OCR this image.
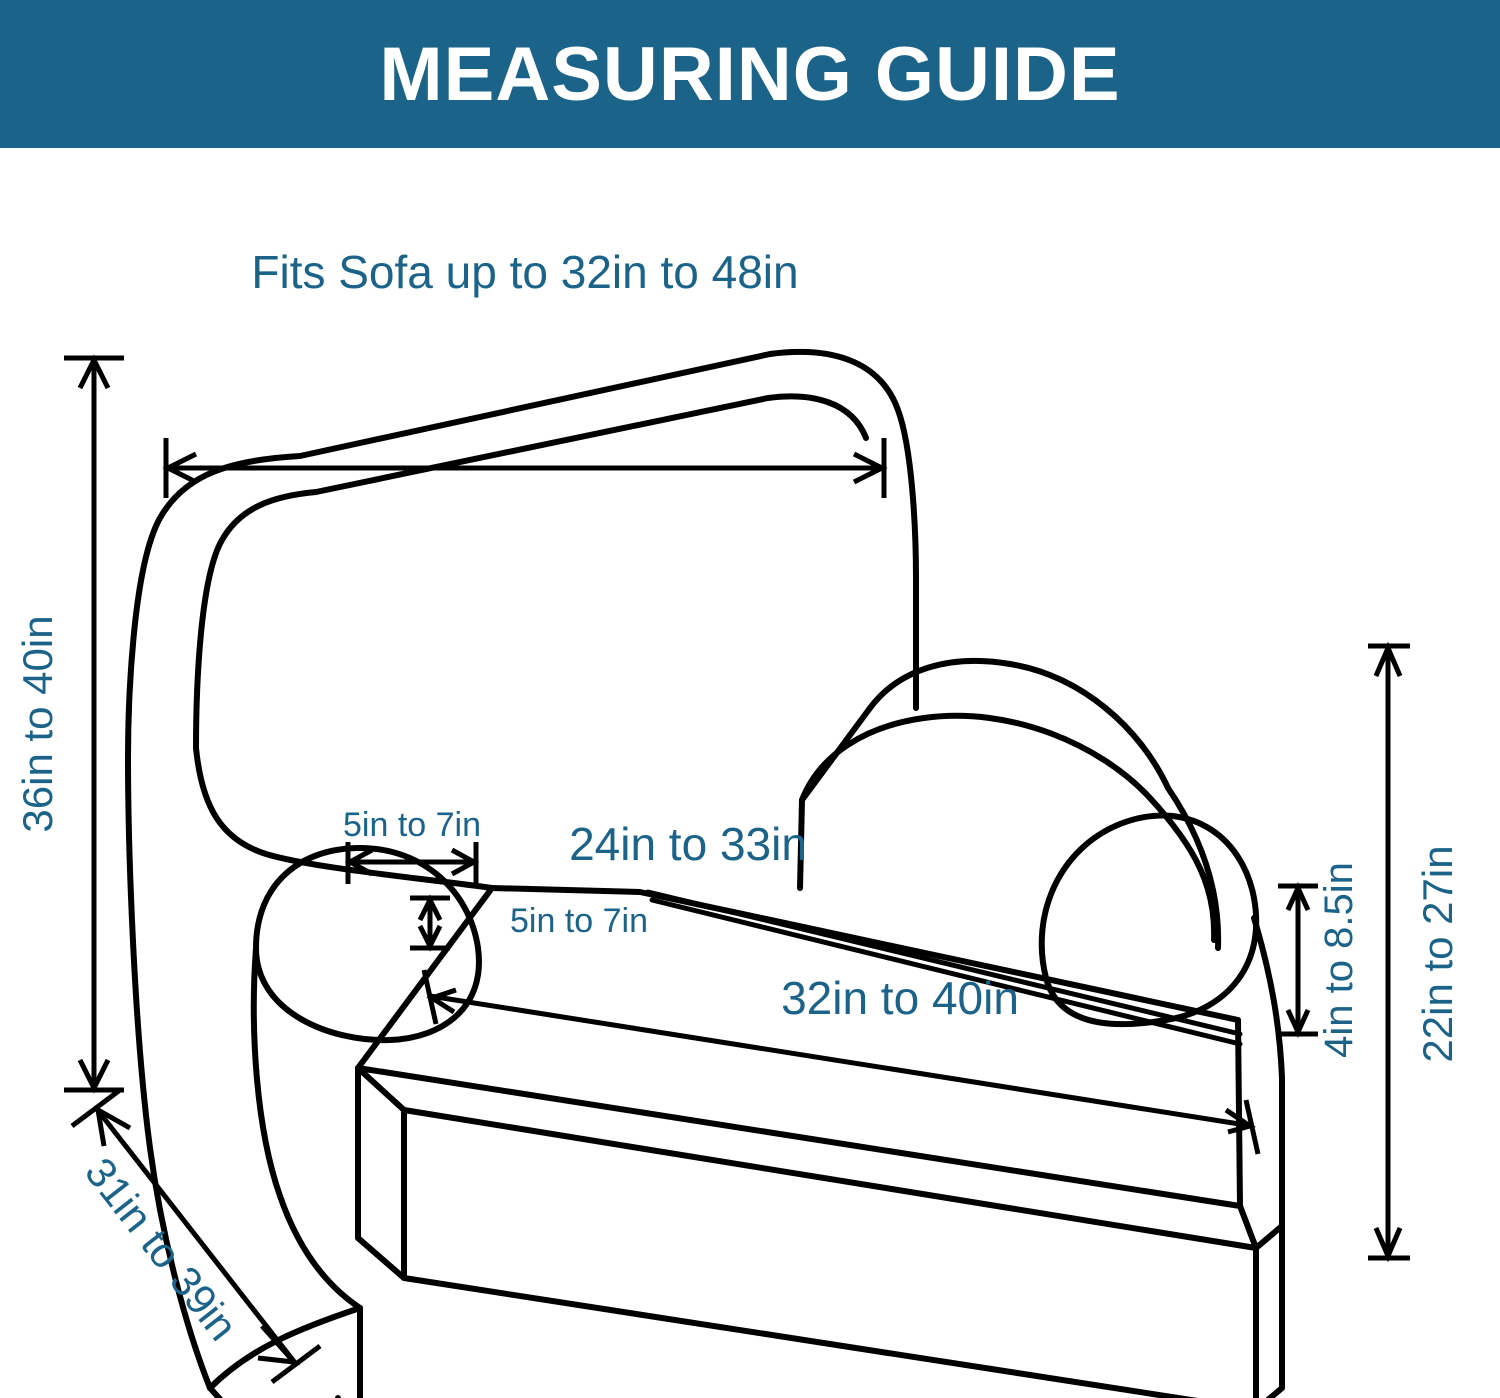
MEASURING GUIDE
Fits Sofa up to 32in to 48in
36in to 40in
31in to 39in
5in to 7in
5in to 7in
24in to 33in
32in to 40in	4in to 8.5in 22in to 27in
